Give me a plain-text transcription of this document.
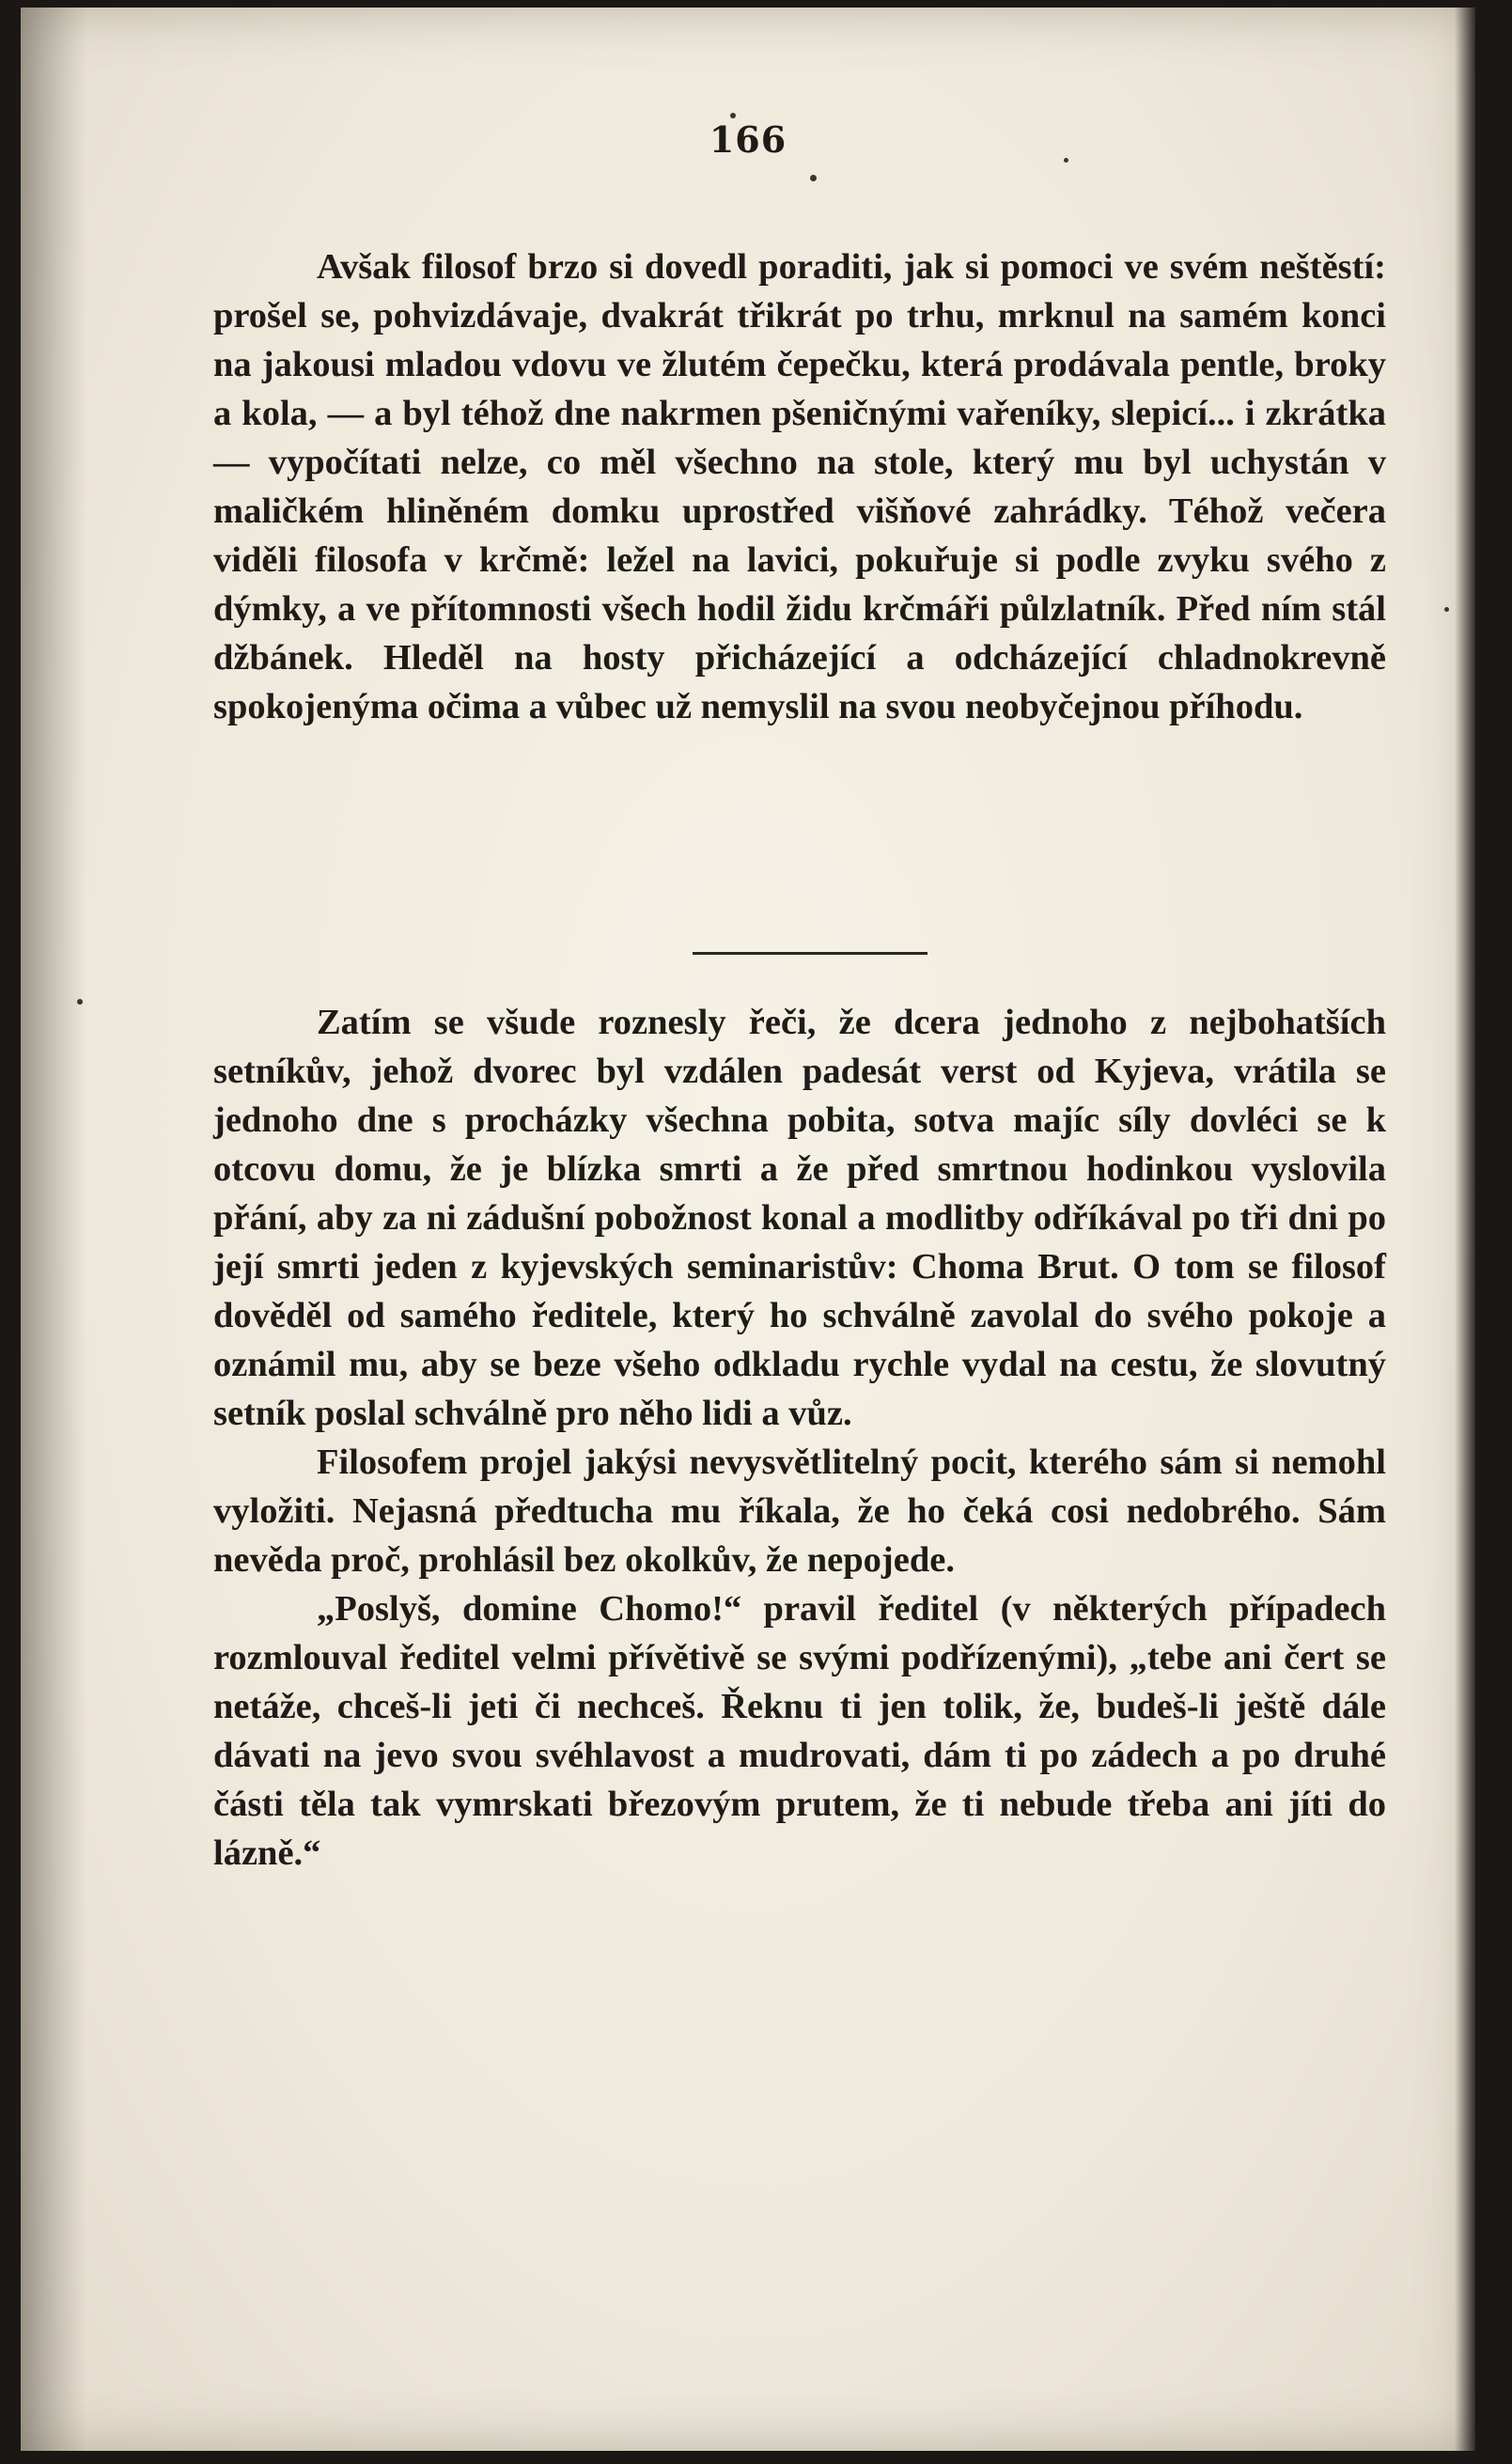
166

Avšak filosof brzo si dovedl poraditi, jak si pomoci ve svém neštěstí: prošel se, pohvizdávaje, dvakrát třikrát po trhu, mrknul na samém konci na jakousi mladou vdovu ve žlutém čepečku, která prodávala pentle, broky a kola, — a byl téhož dne nakrmen pšeničnými vařeníky, slepicí... i zkrátka — vypočítati nelze, co měl všechno na stole, který mu byl uchystán v maličkém hliněném domku uprostřed višňové zahrádky. Téhož večera viděli filosofa v krčmě: ležel na lavici, pokuřuje si podle zvyku svého z dýmky, a ve přítomnosti všech hodil židu krčmáři půlzlatník. Před ním stál džbánek. Hleděl na hosty přicházející a odcházející chladnokrevně spokojenýma očima a vůbec už nemyslil na svou neobyčejnou příhodu.

Zatím se všude roznesly řeči, že dcera jednoho z nejbohatších setníkův, jehož dvorec byl vzdálen padesát verst od Kyjeva, vrátila se jednoho dne s procházky všechna pobita, sotva majíc síly dovléci se k otcovu domu, že je blízka smrti a že před smrtnou hodinkou vyslovila přání, aby za ni zádušní pobožnost konal a modlitby odříkával po tři dni po její smrti jeden z kyjevských seminaristův: Choma Brut. O tom se filosof dověděl od samého ředitele, který ho schválně zavolal do svého pokoje a oznámil mu, aby se beze všeho odkladu rychle vydal na cestu, že slovutný setník poslal schválně pro něho lidi a vůz.

Filosofem projel jakýsi nevysvětlitelný pocit, kterého sám si nemohl vyložiti. Nejasná předtucha mu říkala, že ho čeká cosi nedobrého. Sám nevěda proč, prohlásil bez okolkův, že nepojede.

„Poslyš, domine Chomo!“ pravil ředitel (v některých případech rozmlouval ředitel velmi přívětivě se svými podřízenými), „tebe ani čert se netáže, chceš-li jeti či nechceš. Řeknu ti jen tolik, že, budeš-li ještě dále dávati na jevo svou svéhlavost a mudrovati, dám ti po zádech a po druhé části těla tak vymrskati březovým prutem, že ti nebude třeba ani jíti do lázně.“
